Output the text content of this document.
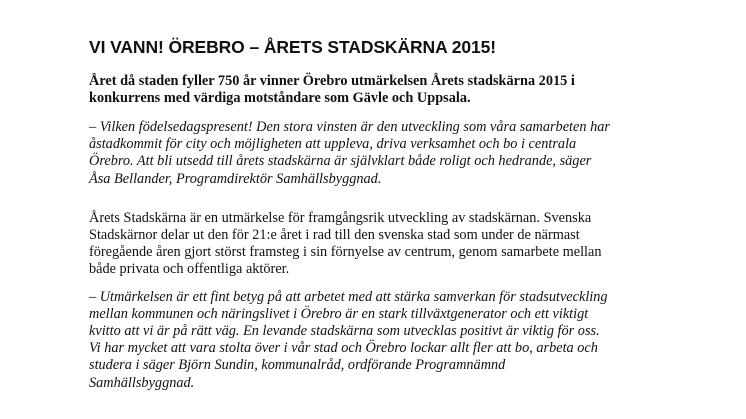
VI VANN! ÖREBRO – ÅRETS STADSKÄRNA 2015!

Året då staden fyller 750 år vinner Örebro utmärkelsen Årets stadskärna 2015 i
konkurrens med värdiga motståndare som Gävle och Uppsala.

– Vilken födelsedagspresent! Den stora vinsten är den utveckling som våra samarbeten har
åstadkommit för city och möjligheten att uppleva, driva verksamhet och bo i centrala
Örebro. Att bli utsedd till årets stadskärna är självklart både roligt och hedrande, säger
Åsa Bellander, Programdirektör Samhällsbyggnad.

Årets Stadskärna är en utmärkelse för framgångsrik utveckling av stadskärnan. Svenska
Stadskärnor delar ut den för 21:e året i rad till den svenska stad som under de närmast
föregående åren gjort störst framsteg i sin förnyelse av centrum, genom samarbete mellan
både privata och offentliga aktörer.

– Utmärkelsen är ett fint betyg på att arbetet med att stärka samverkan för stadsutveckling
mellan kommunen och näringslivet i Örebro är en stark tillväxtgenerator och ett viktigt
kvitto att vi är på rätt väg. En levande stadskärna som utvecklas positivt är viktig för oss.
Vi har mycket att vara stolta över i vår stad och Örebro lockar allt fler att bo, arbeta och
studera i säger Björn Sundin, kommunalråd, ordförande Programnämnd
Samhällsbyggnad.
